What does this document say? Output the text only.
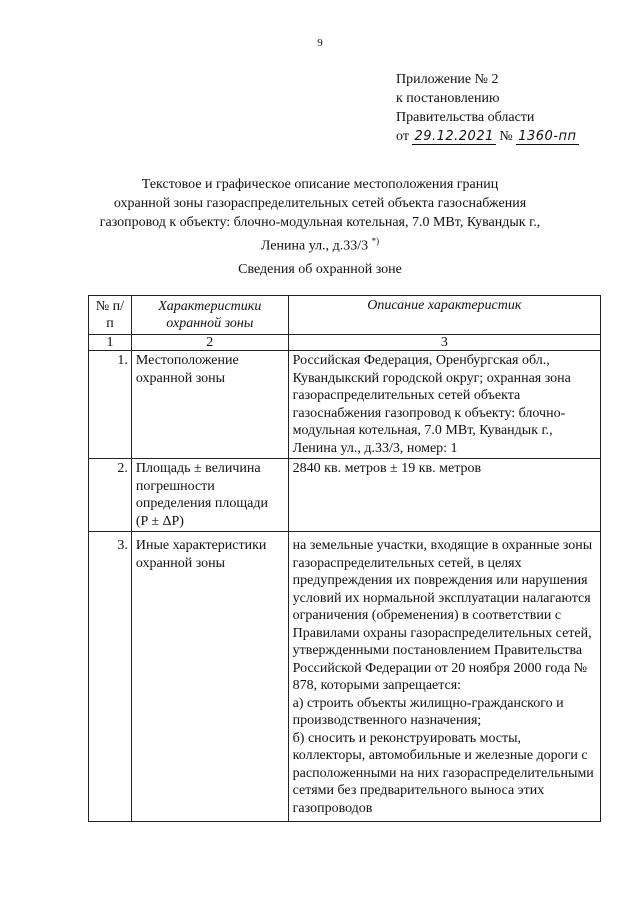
9
Приложение № 2
к постановлению
Правительства области
от 29.12.2021 № 1360-пп
Текстовое и графическое описание местоположения границ
охранной зоны газораспределительных сетей объекта газоснабжения
газопровод к объекту: блочно-модульная котельная, 7.0 МВт, Кувандык г.,
Ленина ул., д.33/3 *)
Сведения об охранной зоне
№ п/п	Характеристики охранной зоны	Описание характеристик
1	2	3
1.	Местоположение охранной зоны	Российская Федерация, Оренбургская обл., Кувандыкский городской округ; охранная зона газораспределительных сетей объекта газоснабжения газопровод к объекту: блочно-модульная котельная, 7.0 МВт, Кувандык г., Ленина ул., д.33/3, номер: 1
2.	Площадь ± величина погрешности определения площади (P ± ΔP)	2840 кв. метров ± 19 кв. метров
3.	Иные характеристики охранной зоны	на земельные участки, входящие в охранные зоны газораспределительных сетей, в целях предупреждения их повреждения или нарушения условий их нормальной эксплуатации налагаются ограничения (обременения) в соответствии с Правилами охраны газораспределительных сетей, утвержденными постановлением Правительства Российской Федерации от 20 ноября 2000 года № 878, которыми запрещается:
а) строить объекты жилищно-гражданского и производственного назначения;
б) сносить и реконструировать мосты, коллекторы, автомобильные и железные дороги с расположенными на них газораспределительными сетями без предварительного выноса этих газопроводов
